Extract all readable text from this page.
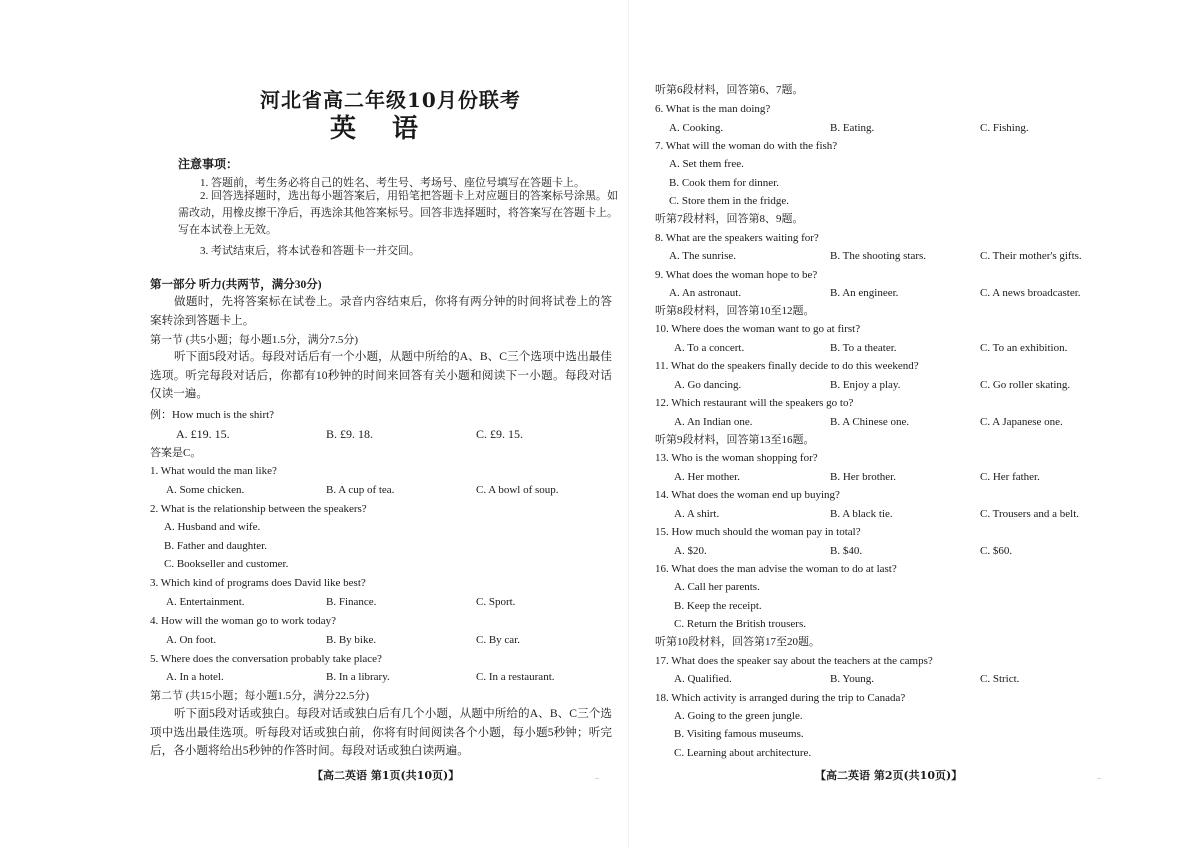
河北省高二年级10月份联考
英语
注意事项：
1. 答题前，考生务必将自己的姓名、考生号、考场号、座位号填写在答题卡上。
2. 回答选择题时，选出每小题答案后，用铅笔把答题卡上对应题目的答案标号涂黑。如需改动，用橡皮擦干净后，再选涂其他答案标号。回答非选择题时，将答案写在答题卡上。写在本试卷上无效。
3. 考试结束后，将本试卷和答题卡一并交回。
第一部分 听力(共两节，满分30分)
做题时，先将答案标在试卷上。录音内容结束后，你将有两分钟的时间将试卷上的答案转涂到答题卡上。
第一节 (共5小题；每小题1.5分，满分7.5分)
听下面5段对话。每段对话后有一个小题，从题中所给的A、B、C三个选项中选出最佳选项。听完每段对话后，你都有10秒钟的时间来回答有关小题和阅读下一小题。每段对话仅读一遍。
例：How much is the shirt?
A. £19. 15.	B. £9. 18.	C. £9. 15.
答案是C。
1. What would the man like?
A. Some chicken.	B. A cup of tea.	C. A bowl of soup.
2. What is the relationship between the speakers?
A. Husband and wife.
B. Father and daughter.
C. Bookseller and customer.
3. Which kind of programs does David like best?
A. Entertainment.	B. Finance.	C. Sport.
4. How will the woman go to work today?
A. On foot.	B. By bike.	C. By car.
5. Where does the conversation probably take place?
A. In a hotel.	B. In a library.	C. In a restaurant.
第二节 (共15小题；每小题1.5分，满分22.5分)
听下面5段对话或独白。每段对话或独白后有几个小题，从题中所给的A、B、C三个选项中选出最佳选项。听每段对话或独白前，你将有时间阅读各个小题，每小题5秒钟；听完后，各小题将给出5秒钟的作答时间。每段对话或独白读两遍。
【高二英语 第1页(共10页)】	..
听第6段材料，回答第6、7题。
6. What is the man doing?
A. Cooking.	B. Eating.	C. Fishing.
7. What will the woman do with the fish?
A. Set them free.
B. Cook them for dinner.
C. Store them in the fridge.
听第7段材料，回答第8、9题。
8. What are the speakers waiting for?
A. The sunrise.	B. The shooting stars.	C. Their mother's gifts.
9. What does the woman hope to be?
A. An astronaut.	B. An engineer.	C. A news broadcaster.
听第8段材料，回答第10至12题。
10. Where does the woman want to go at first?
A. To a concert.	B. To a theater.	C. To an exhibition.
11. What do the speakers finally decide to do this weekend?
A. Go dancing.	B. Enjoy a play.	C. Go roller skating.
12. Which restaurant will the speakers go to?
A. An Indian one.	B. A Chinese one.	C. A Japanese one.
听第9段材料，回答第13至16题。
13. Who is the woman shopping for?
A. Her mother.	B. Her brother.	C. Her father.
14. What does the woman end up buying?
A. A shirt.	B. A black tie.	C. Trousers and a belt.
15. How much should the woman pay in total?
A. $20.	B. $40.	C. $60.
16. What does the man advise the woman to do at last?
A. Call her parents.
B. Keep the receipt.
C. Return the British trousers.
听第10段材料，回答第17至20题。
17. What does the speaker say about the teachers at the camps?
A. Qualified.	B. Young.	C. Strict.
18. Which activity is arranged during the trip to Canada?
A. Going to the green jungle.
B. Visiting famous museums.
C. Learning about architecture.
【高二英语 第2页(共10页)】	..
